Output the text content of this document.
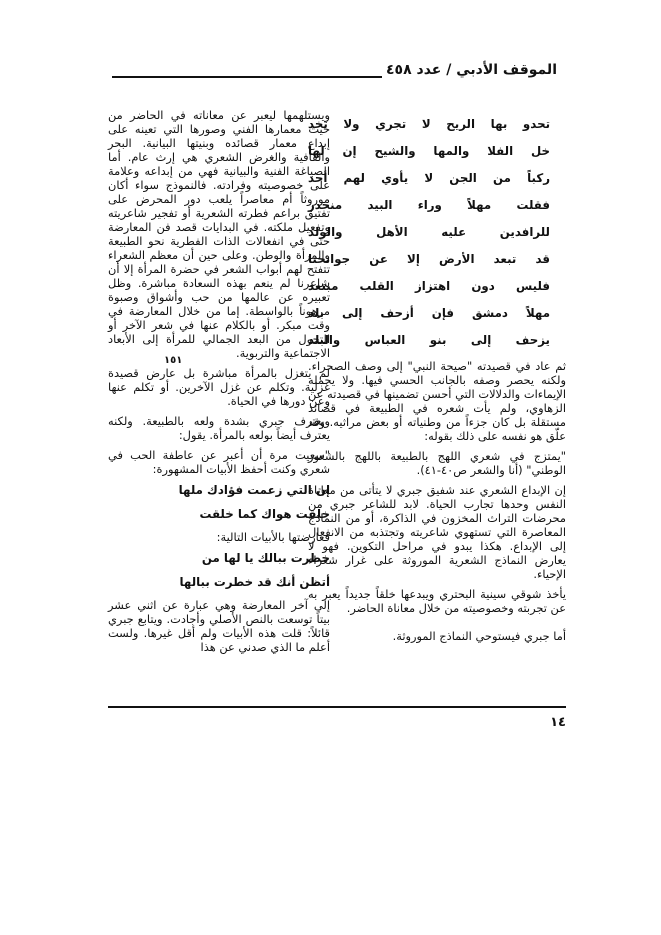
الموقف الأدبي / عدد ٤٥٨
تحدو بها الريح لا تجري ولا تخد
خل الفلا والمها والشيح إن لها
ركباً من الجن لا يأوي لهم أحد
فقلت مهلاً وراء البيد منحدر
للرافدين عليه الأهل والولد
قد تبعد الأرض إلا عن جوانحنا
فليس دون اهتزاز القلب مبتعد
مهلاً دمشق فإن أزحف إلى بلد
يزحف إلى بنو العباس والبلد

ثم عاد في قصيدته "صيحة النبي" إلى وصف الصحراء. ولكنه يحصر وصفه بالجانب الحسي فيها. ولا يحمله الإيماءات والدلالات التي أحسن تضمينها في قصيدته عن الزهاوي، ولم يأت شعره في الطبيعة في قصائد مستقلة بل كان جزءاً من وطنياته أو بعض مراثيه. وقد علّق هو نفسه على ذلك بقوله:

"يمتزج في شعري اللهج بالطبيعة باللهج بالشعور الوطني" (أنا والشعر ص٤٠-٤١).

إن الإبداع الشعري عند شفيق جبري لا يتأتى من معاناة النفس وحدها تجارب الحياة. لابد للشاعر جبري من محرضات التراث المخزون في الذاكرة، أو من النماذج المعاصرة التي تستهوي شاعريته وتجتذبه من الانفعال إلى الإبداع. هكذا يبدو في مراحل التكوين. فهو لا يعارض النماذج الشعرية الموروثة على غرار شعراء الإحياء.

يأخذ شوقي سينية البحتري ويبدعها خلقاً جديداً يعبر به عن تجربته وخصوصيته من خلال معاناة الحاضر.

أما جبري فيستوحي النماذج الموروثة.

ويستلهمها ليعبر عن معاناته في الحاضر من حيث معمارها الفني وصورها التي تعينه على إبداع معمار قصائده وبنيتها البيانية. البحر والقافية والغرض الشعري هي إرث عام. أما الصياغة الفنية والبيانية فهي من إبداعه وعلامة على خصوصيته وفرادته. فالنموذج سواء أكان موروثاً أم معاصراً يلعب دور المحرض على تفتيق براعم فطرته الشعرية أو تفجير شاعريته وتفعيل ملكته. في البدايات قصد فن المعارضة حتى في انفعالات الذات الفطرية نحو الطبيعة والمرأة والوطن. وعلى حين أن معظم الشعراء تتفتح لهم أبواب الشعر في حضرة المرأة إلا أن شاعرنا لم ينعم بهذه السعادة مباشرة. وظل تعبيره عن عالمها من حب وأشواق وصبوة مرهوناً بالواسطة. إما من خلال المعارضة في وقت مبكر. أو بالكلام عنها في شعر الآخر أو التحول من البعد الجمالي للمرأة إلى الأبعاد الاجتماعية والتربوية.

لم يتغزل بالمرأة مباشرة بل عارض قصيدة غزلية. وتكلم عن غزل الآخرين. أو تكلم عنها وعن دورها في الحياة.

ويعترف جبري بشدة ولعه بالطبيعة. ولكنه يعترف أيضاً بولعه بالمرأة. يقول:

"سعيت مرة أن أعبر عن عاطفة الحب في شعري وكنت أحفظ الأبيات المشهورة:

إن التي زعمت فؤادك ملها
خلقت هواك كما خلقت

فعارضتها بالأبيات التالية:

خطرت ببالك يا لها من
أتظن أنك قد خطرت ببالها

إلى آخر المعارضة وهي عبارة عن اثني عشر بيتاً توسعت بالنص الأصلي وأجادت. ويتابع جبري قائلاً: قلت هذه الأبيات ولم أقل غيرها. ولست أعلم ما الذي صدني عن هذا

١٥١
١٤
